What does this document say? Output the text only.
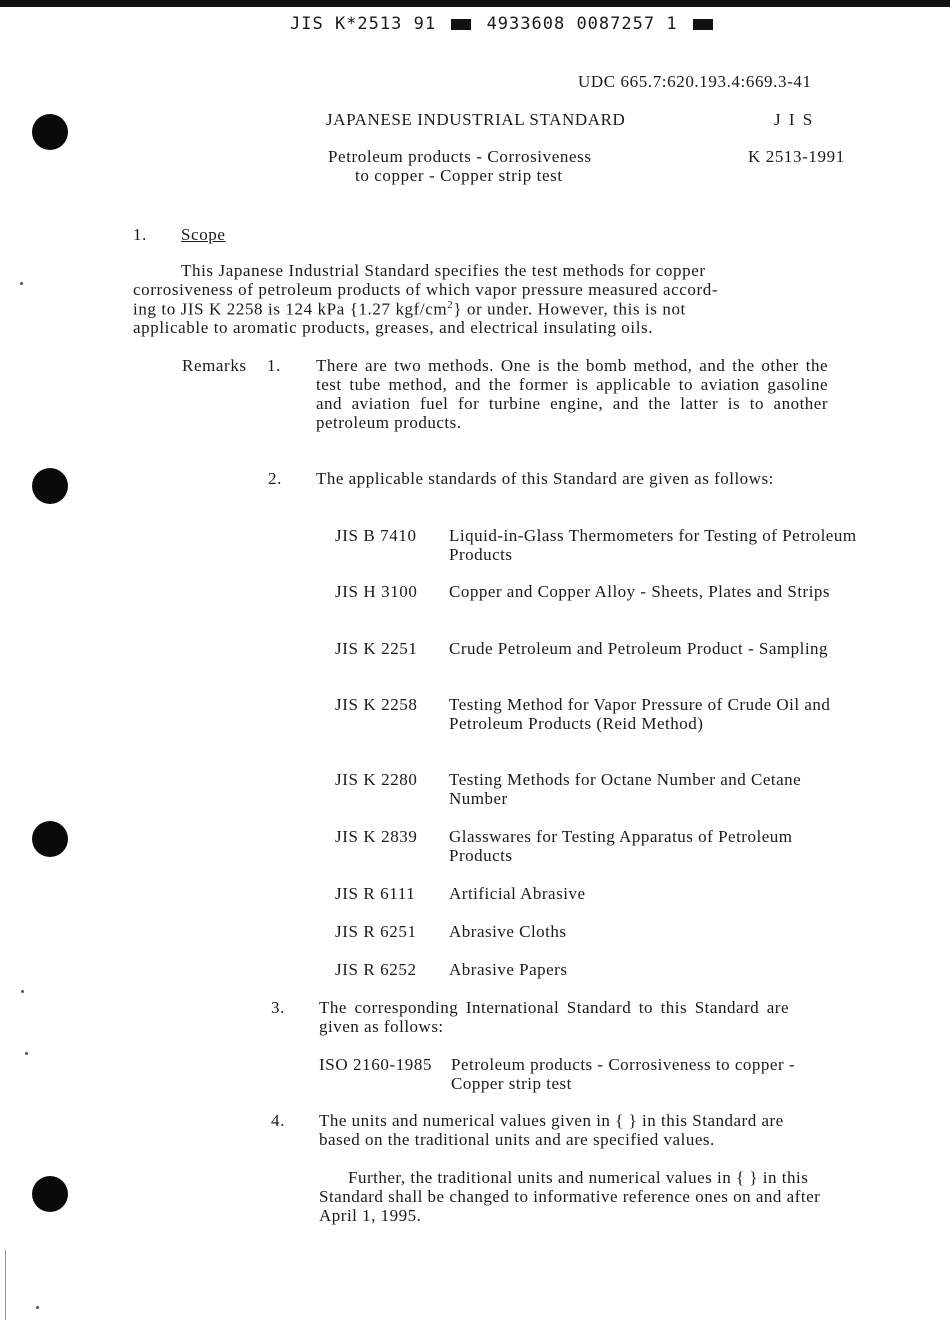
JIS K*2513 91	4933608 0087257 1
UDC 665.7:620.193.4:669.3-41
JAPANESE INDUSTRIAL STANDARD	J I S
Petroleum products - Corrosiveness
to copper - Copper strip test
K 2513-1991
1. Scope
This Japanese Industrial Standard specifies the test methods for copper
corrosiveness of petroleum products of which vapor pressure measured accord-
ing to JIS K 2258 is 124 kPa {1.27 kgf/$cm^2$} or under. However, this is not
applicable to aromatic products, greases, and electrical insulating oils.
Remarks 1. There are two methods. One is the bomb method, and the other the test tube method, and the former is applicable to aviation gasoline and aviation fuel for turbine engine, and the latter is to another petroleum products.
2. The applicable standards of this Standard are given as follows:
JIS B 7410 Liquid-in-Glass Thermometers for Testing of Petroleum Products
JIS H 3100 Copper and Copper Alloy - Sheets, Plates and Strips
JIS K 2251 Crude Petroleum and Petroleum Product - Sampling
JIS K 2258 Testing Method for Vapor Pressure of Crude Oil and Petroleum Products (Reid Method)
JIS K 2280 Testing Methods for Octane Number and Cetane Number
JIS K 2839 Glasswares for Testing Apparatus of Petroleum Products
JIS R 6111 Artificial Abrasive
JIS R 6251 Abrasive Cloths
JIS R 6252 Abrasive Papers
3. The corresponding International Standard to this Standard are given as follows:
ISO 2160-1985 Petroleum products - Corrosiveness to copper - Copper strip test
4. The units and numerical values given in { } in this Standard are based on the traditional units and are specified values.
Further, the traditional units and numerical values in { } in this Standard shall be changed to informative reference ones on and after April 1, 1995.
